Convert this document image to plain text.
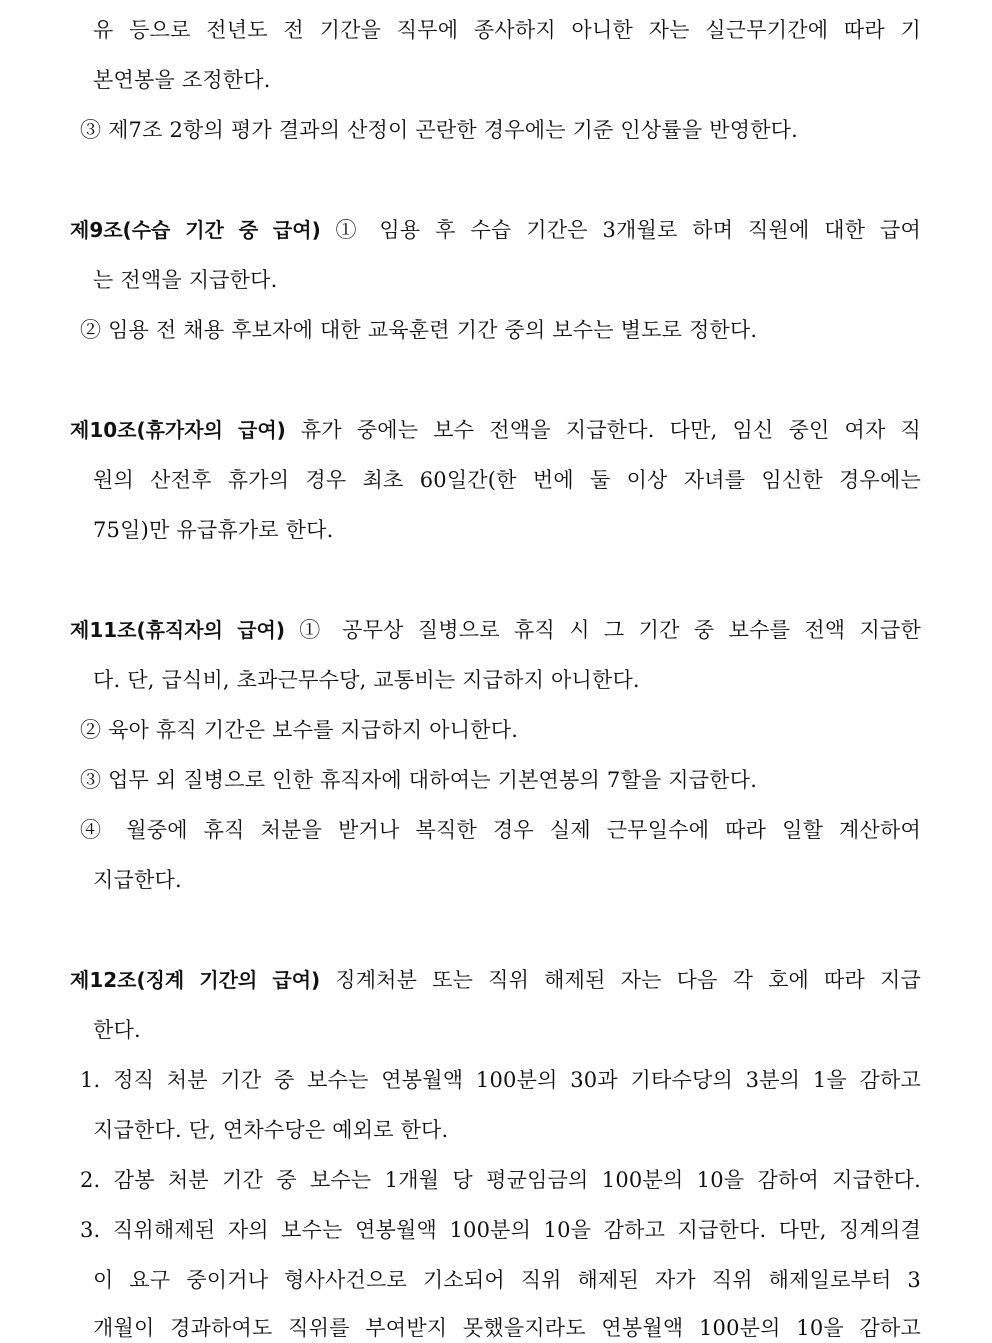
유 등으로 전년도 전 기간을 직무에 종사하지 아니한 자는 실근무기간에 따라 기
본연봉을 조정한다.
③ 제7조 2항의 평가 결과의 산정이 곤란한 경우에는 기준 인상률을 반영한다.
제9조(수습 기간 중 급여) ① 임용 후 수습 기간은 3개월로 하며 직원에 대한 급여
는 전액을 지급한다.
② 임용 전 채용 후보자에 대한 교육훈련 기간 중의 보수는 별도로 정한다.
제10조(휴가자의 급여) 휴가 중에는 보수 전액을 지급한다. 다만, 임신 중인 여자 직
원의 산전후 휴가의 경우 최초 60일간(한 번에 둘 이상 자녀를 임신한 경우에는
75일)만 유급휴가로 한다.
제11조(휴직자의 급여) ① 공무상 질병으로 휴직 시 그 기간 중 보수를 전액 지급한
다. 단, 급식비, 초과근무수당, 교통비는 지급하지 아니한다.
② 육아 휴직 기간은 보수를 지급하지 아니한다.
③ 업무 외 질병으로 인한 휴직자에 대하여는 기본연봉의 7할을 지급한다.
④ 월중에 휴직 처분을 받거나 복직한 경우 실제 근무일수에 따라 일할 계산하여
지급한다.
제12조(징계 기간의 급여) 징계처분 또는 직위 해제된 자는 다음 각 호에 따라 지급
한다.
1. 정직 처분 기간 중 보수는 연봉월액 100분의 30과 기타수당의 3분의 1을 감하고
지급한다. 단, 연차수당은 예외로 한다.
2. 감봉 처분 기간 중 보수는 1개월 당 평균임금의 100분의 10을 감하여 지급한다.
3. 직위해제된 자의 보수는 연봉월액 100분의 10을 감하고 지급한다. 다만, 징계의결
이 요구 중이거나 형사사건으로 기소되어 직위 해제된 자가 직위 해제일로부터 3
개월이 경과하여도 직위를 부여받지 못했을지라도 연봉월액 100분의 10을 감하고
